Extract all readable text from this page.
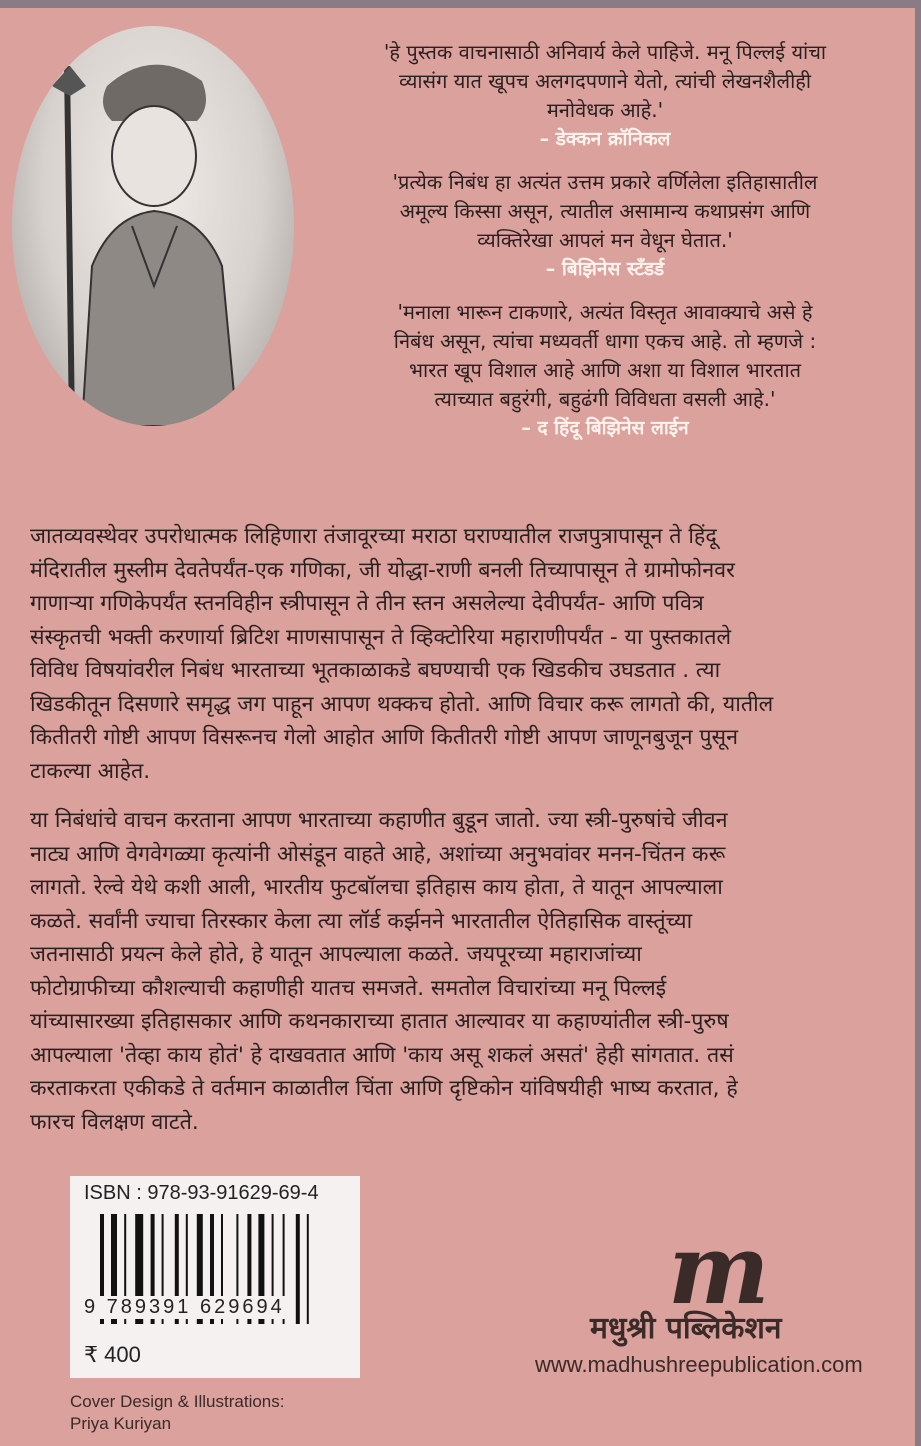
'हे पुस्तक वाचनासाठी अनिवार्य केले पाहिजे. मनू पिल्लई यांचा
व्यासंग यात खूपच अलगदपणाने येतो, त्यांची लेखनशैलीही
मनोवेधक आहे.'
– डेक्कन क्रॉनिकल
'प्रत्येक निबंध हा अत्यंत उत्तम प्रकारे वर्णिलेला इतिहासातील
अमूल्य किस्सा असून, त्यातील असामान्य कथाप्रसंग आणि
व्यक्तिरेखा आपलं मन वेधून घेतात.'
– बिझिनेस स्टँडर्ड
'मनाला भारून टाकणारे, अत्यंत विस्तृत आवाक्याचे असे हे
निबंध असून, त्यांचा मध्यवर्ती धागा एकच आहे. तो म्हणजे :
भारत खूप विशाल आहे आणि अशा या विशाल भारतात
त्याच्यात बहुरंगी, बहुढंगी विविधता वसली आहे.'
– द हिंदू बिझिनेस लाईन

जातव्यवस्थेवर उपरोधात्मक लिहिणारा तंजावूरच्या मराठा घराण्यातील राजपुत्रापासून ते हिंदू
मंदिरातील मुस्लीम देवतेपर्यंत-एक गणिका, जी योद्धा-राणी बनली तिच्यापासून ते ग्रामोफोनवर
गाणाऱ्या गणिकेपर्यंत स्तनविहीन स्त्रीपासून ते तीन स्तन असलेल्या देवीपर्यंत- आणि पवित्र
संस्कृतची भक्ती करणार्या ब्रिटिश माणसापासून ते व्हिक्टोरिया महाराणीपर्यंत - या पुस्तकातले
विविध विषयांवरील निबंध भारताच्या भूतकाळाकडे बघण्याची एक खिडकीच उघडतात . त्या
खिडकीतून दिसणारे समृद्ध जग पाहून आपण थक्कच होतो. आणि विचार करू लागतो की, यातील
कितीतरी गोष्टी आपण विसरूनच गेलो आहोत आणि कितीतरी गोष्टी आपण जाणूनबुजून पुसून
टाकल्या आहेत.

या निबंधांचे वाचन करताना आपण भारताच्या कहाणीत बुडून जातो. ज्या स्त्री-पुरुषांचे जीवन
नाट्य आणि वेगवेगळ्या कृत्यांनी ओसंडून वाहते आहे, अशांच्या अनुभवांवर मनन-चिंतन करू
लागतो. रेल्वे येथे कशी आली, भारतीय फुटबॉलचा इतिहास काय होता, ते यातून आपल्याला
कळते. सर्वांनी ज्याचा तिरस्कार केला त्या लॉर्ड कर्झनने भारतातील ऐतिहासिक वास्तूंच्या
जतनासाठी प्रयत्न केले होते, हे यातून आपल्याला कळते. जयपूरच्या महाराजांच्या
फोटोग्राफीच्या कौशल्याची कहाणीही यातच समजते. समतोल विचारांच्या मनू पिल्लई
यांच्यासारख्या इतिहासकार आणि कथनकाराच्या हातात आल्यावर या कहाण्यांतील स्त्री-पुरुष
आपल्याला 'तेव्हा काय होतं' हे दाखवतात आणि 'काय असू शकलं असतं' हेही सांगतात. तसं
करताकरता एकीकडे ते वर्तमान काळातील चिंता आणि दृष्टिकोन यांविषयीही भाष्य करतात, हे
फारच विलक्षण वाटते.

ISBN : 978-93-91629-69-4
9 789391 629694
₹ 400
Cover Design & Illustrations:
Priya Kuriyan
m
मधुश्री पब्लिकेशन
www.madhushreepublication.com
